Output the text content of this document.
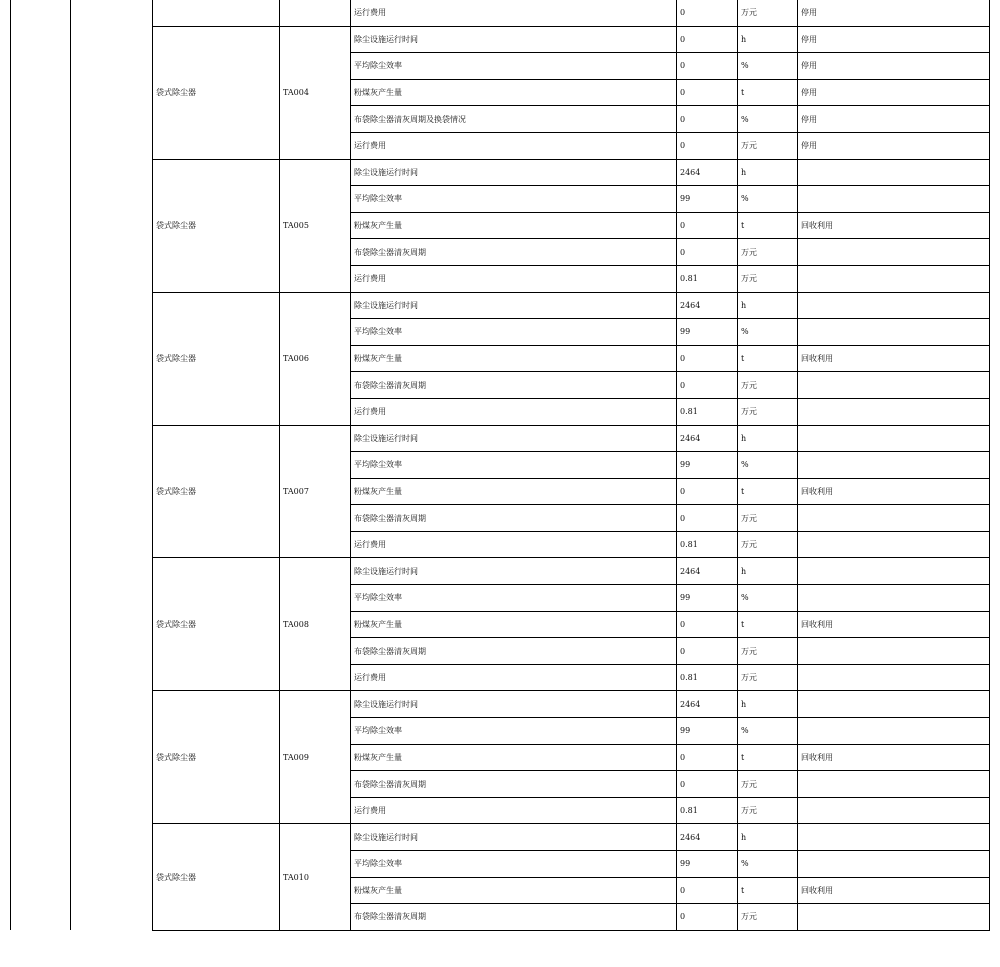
				运行费用	0	万元	停用
		袋式除尘器	TA004	除尘设施运行时间	0	h	停用
				平均除尘效率	0	%	停用
				粉煤灰产生量	0	t	停用
				布袋除尘器清灰周期及换袋情况	0	%	停用
				运行费用	0	万元	停用
		袋式除尘器	TA005	除尘设施运行时间	2464	h	
				平均除尘效率	99	%	
				粉煤灰产生量	0	t	回收利用
				布袋除尘器清灰周期	0	万元	
				运行费用	0.81	万元	
		袋式除尘器	TA006	除尘设施运行时间	2464	h	
				平均除尘效率	99	%	
				粉煤灰产生量	0	t	回收利用
				布袋除尘器清灰周期	0	万元	
				运行费用	0.81	万元	
		袋式除尘器	TA007	除尘设施运行时间	2464	h	
				平均除尘效率	99	%	
				粉煤灰产生量	0	t	回收利用
				布袋除尘器清灰周期	0	万元	
				运行费用	0.81	万元	
		袋式除尘器	TA008	除尘设施运行时间	2464	h	
				平均除尘效率	99	%	
				粉煤灰产生量	0	t	回收利用
				布袋除尘器清灰周期	0	万元	
				运行费用	0.81	万元	
		袋式除尘器	TA009	除尘设施运行时间	2464	h	
				平均除尘效率	99	%	
				粉煤灰产生量	0	t	回收利用
				布袋除尘器清灰周期	0	万元	
				运行费用	0.81	万元	
		袋式除尘器	TA010	除尘设施运行时间	2464	h	
				平均除尘效率	99	%	
				粉煤灰产生量	0	t	回收利用
				布袋除尘器清灰周期	0	万元	
